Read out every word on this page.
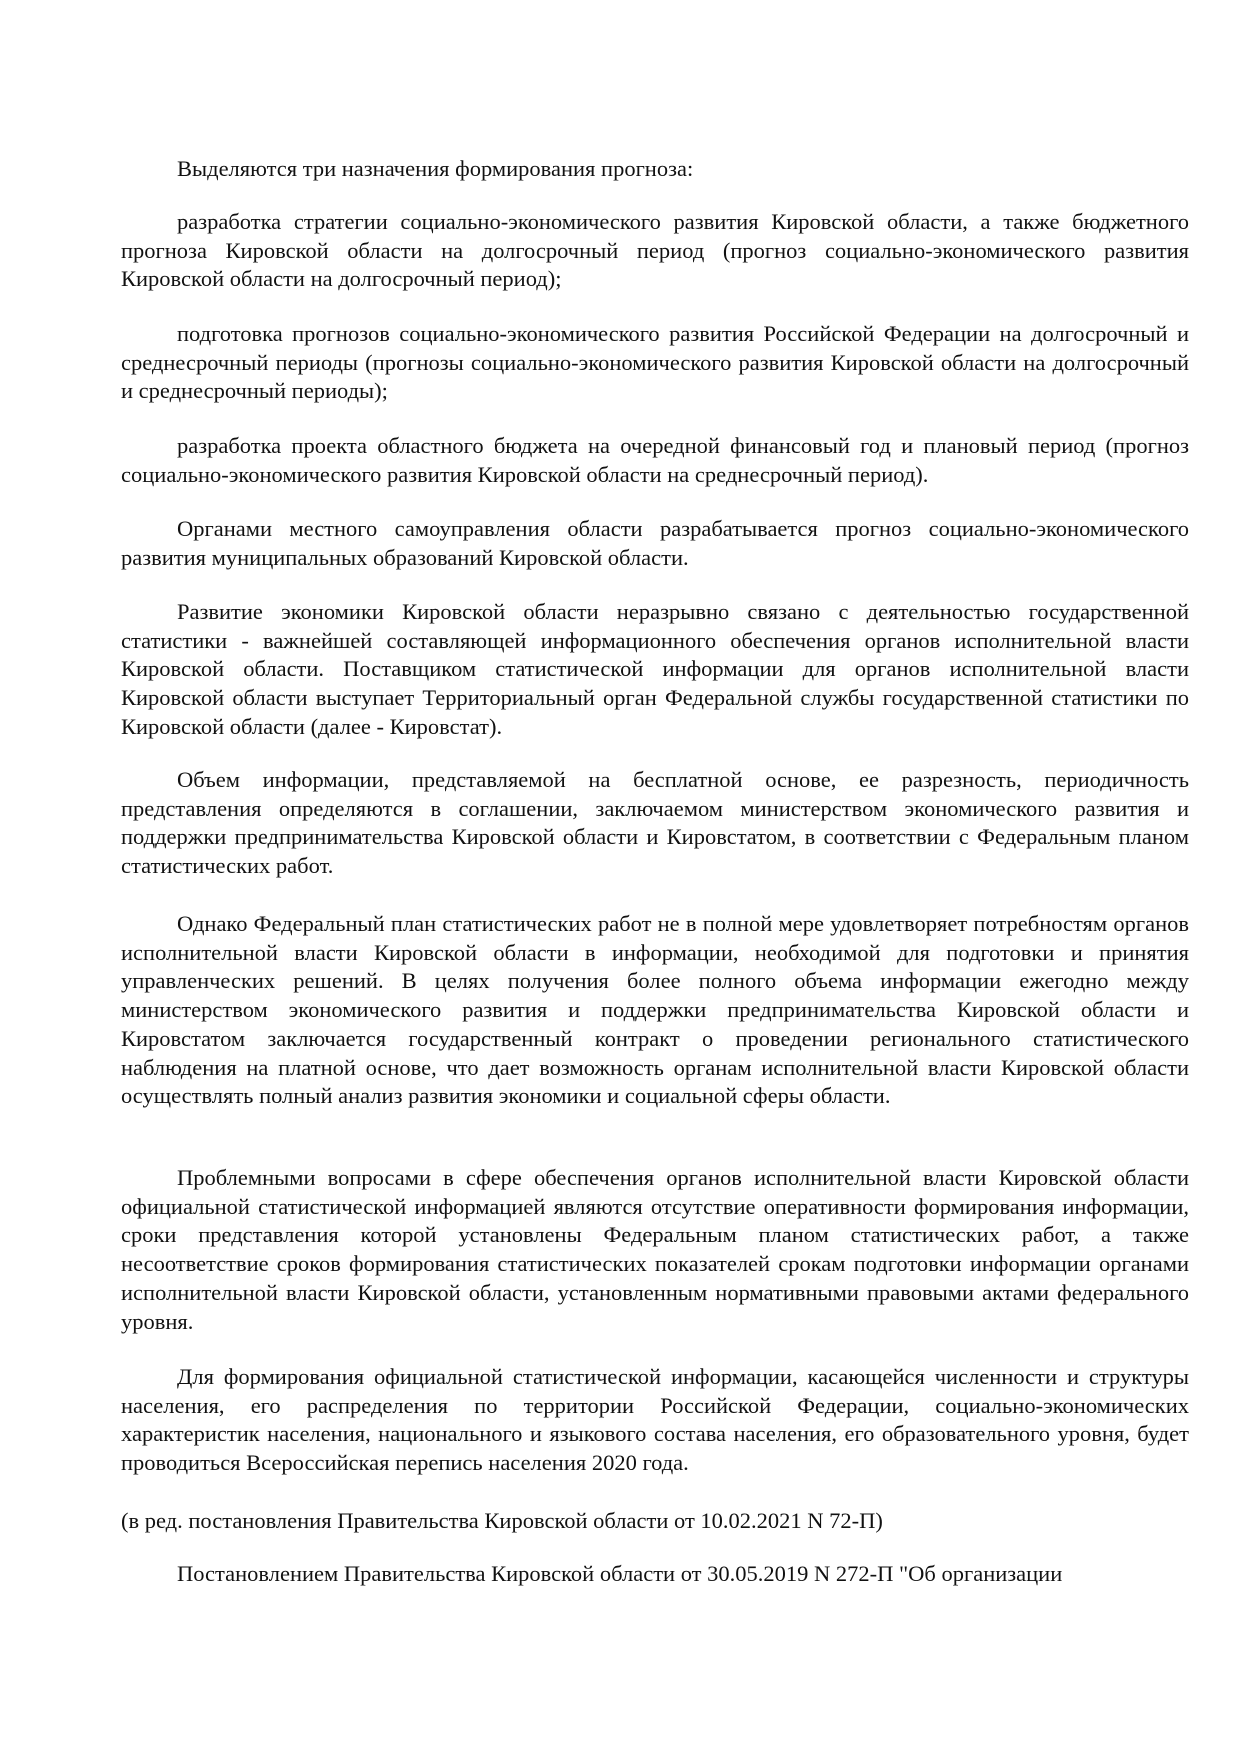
Выделяются три назначения формирования прогноза:

разработка стратегии социально-экономического развития Кировской области, а также бюджетного прогноза Кировской области на долгосрочный период (прогноз социально-экономического развития Кировской области на долгосрочный период);

подготовка прогнозов социально-экономического развития Российской Федерации на долгосрочный и среднесрочный периоды (прогнозы социально-экономического развития Кировской области на долгосрочный и среднесрочный периоды);

разработка проекта областного бюджета на очередной финансовый год и плановый период (прогноз социально-экономического развития Кировской области на среднесрочный период).

Органами местного самоуправления области разрабатывается прогноз социально-экономического развития муниципальных образований Кировской области.

Развитие экономики Кировской области неразрывно связано с деятельностью государственной статистики - важнейшей составляющей информационного обеспечения органов исполнительной власти Кировской области. Поставщиком статистической информации для органов исполнительной власти Кировской области выступает Территориальный орган Федеральной службы государственной статистики по Кировской области (далее - Кировстат).

Объем информации, представляемой на бесплатной основе, ее разрезность, периодичность представления определяются в соглашении, заключаемом министерством экономического развития и поддержки предпринимательства Кировской области и Кировстатом, в соответствии с Федеральным планом статистических работ.

Однако Федеральный план статистических работ не в полной мере удовлетворяет потребностям органов исполнительной власти Кировской области в информации, необходимой для подготовки и принятия управленческих решений. В целях получения более полного объема информации ежегодно между министерством экономического развития и поддержки предпринимательства Кировской области и Кировстатом заключается государственный контракт о проведении регионального статистического наблюдения на платной основе, что дает возможность органам исполнительной власти Кировской области осуществлять полный анализ развития экономики и социальной сферы области.

Проблемными вопросами в сфере обеспечения органов исполнительной власти Кировской области официальной статистической информацией являются отсутствие оперативности формирования информации, сроки представления которой установлены Федеральным планом статистических работ, а также несоответствие сроков формирования статистических показателей срокам подготовки информации органами исполнительной власти Кировской области, установленным нормативными правовыми актами федерального уровня.

Для формирования официальной статистической информации, касающейся численности и структуры населения, его распределения по территории Российской Федерации, социально-экономических характеристик населения, национального и языкового состава населения, его образовательного уровня, будет проводиться Всероссийская перепись населения 2020 года.

(в ред. постановления Правительства Кировской области от 10.02.2021 N 72-П)

Постановлением Правительства Кировской области от 30.05.2019 N 272-П "Об организации
